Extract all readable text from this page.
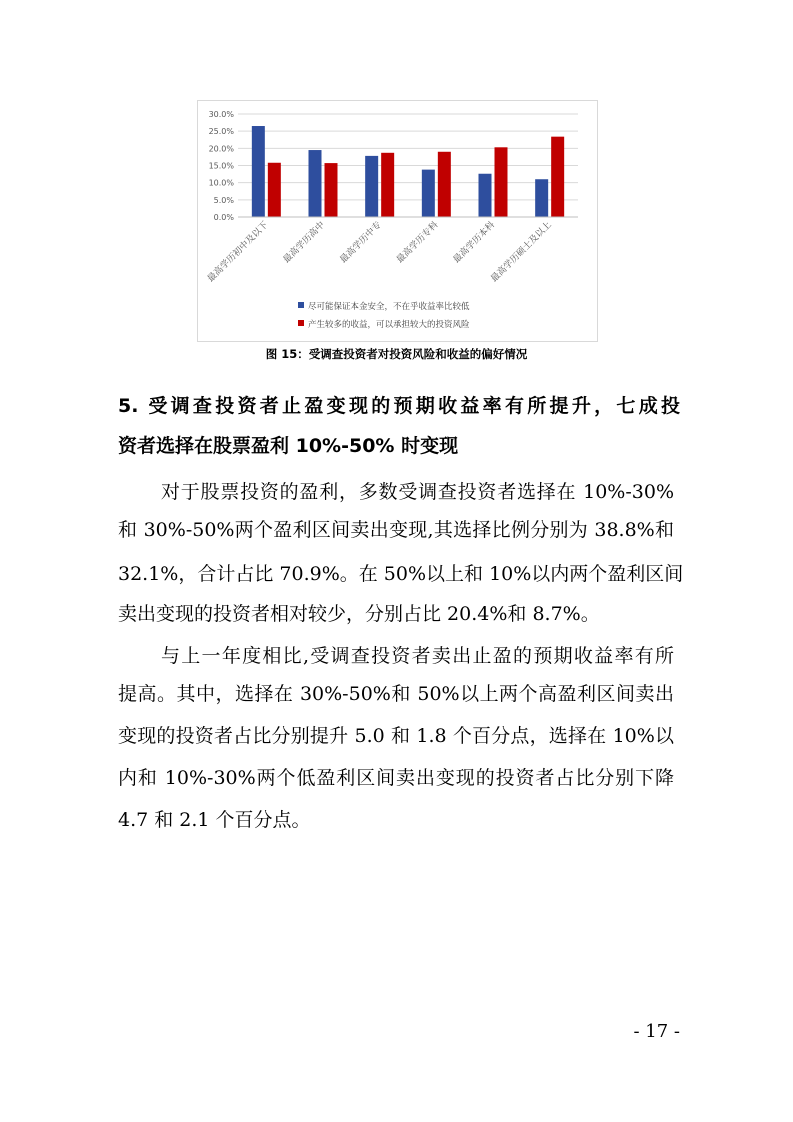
0.0%
5.0%
10.0%
15.0%
20.0%
25.0%
30.0%
最高学历初中及以下 最高学历高中 最高学历中专 最高学历专科 最高学历本科
最高学历硕士及以上
尽可能保证本金安全，不在乎收益率比较低
产生较多的收益，可以承担较大的投资风险
图 15：受调查投资者对投资风险和收益的偏好情况
5. 受调查投资者止盈变现的预期收益率有所提升，七成投
资者选择在股票盈利 10%-50% 时变现
对于股票投资的盈利，多数受调查投资者选择在 10%-30%
和 30%-50%两个盈利区间卖出变现,其选择比例分别为 38.8%和
32.1%，合计占比 70.9%。在 50%以上和 10%以内两个盈利区间
卖出变现的投资者相对较少，分别占比 20.4%和 8.7%。
与上一年度相比,受调查投资者卖出止盈的预期收益率有所
提高。其中，选择在 30%-50%和 50%以上两个高盈利区间卖出
变现的投资者占比分别提升 5.0 和 1.8 个百分点，选择在 10%以
内和 10%-30%两个低盈利区间卖出变现的投资者占比分别下降
4.7 和 2.1 个百分点。
- 17 -
